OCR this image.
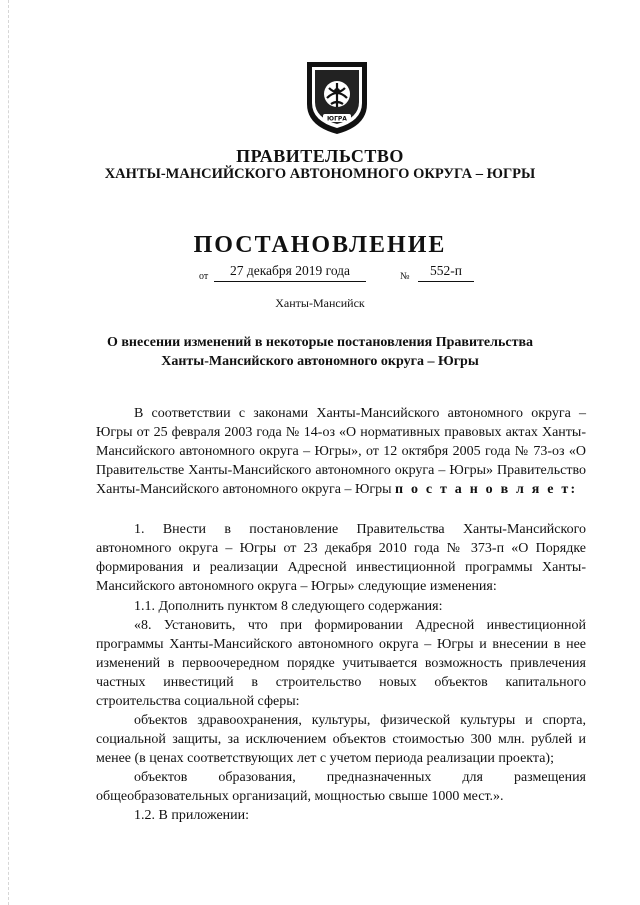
ЮГРА
ПРАВИТЕЛЬСТВО
ХАНТЫ-МАНСИЙСКОГО АВТОНОМНОГО ОКРУГА – ЮГРЫ
ПОСТАНОВЛЕНИЕ
от	27 декабря 2019 года	№	552-п
Ханты-Мансийск
О внесении изменений в некоторые постановления Правительства
Ханты-Мансийского автономного округа – Югры

В соответствии с законами Ханты-Мансийского автономного округа – Югры от 25 февраля 2003 года № 14-оз «О нормативных правовых актах Ханты-Мансийского автономного округа – Югры», от 12 октября 2005 года № 73-оз «О Правительстве Ханты-Мансийского автономного округа – Югры» Правительство Ханты-Мансийского автономного округа – Югры п о с т а н о в л я е т:

1. Внести в постановление Правительства Ханты-Мансийского автономного округа – Югры от 23 декабря 2010 года № 373-п «О Порядке формирования и реализации Адресной инвестиционной программы Ханты-Мансийского автономного округа – Югры» следующие изменения:

1.1. Дополнить пунктом 8 следующего содержания:

«8. Установить, что при формировании Адресной инвестиционной программы Ханты-Мансийского автономного округа – Югры и внесении в нее изменений в первоочередном порядке учитывается возможность привлечения частных инвестиций в строительство новых объектов капитального строительства социальной сферы:

объектов здравоохранения, культуры, физической культуры и спорта, социальной защиты, за исключением объектов стоимостью 300 млн. рублей и менее (в ценах соответствующих лет с учетом периода реализации проекта);

объектов образования, предназначенных для размещения общеобразовательных организаций, мощностью свыше 1000 мест.».

1.2. В приложении:
